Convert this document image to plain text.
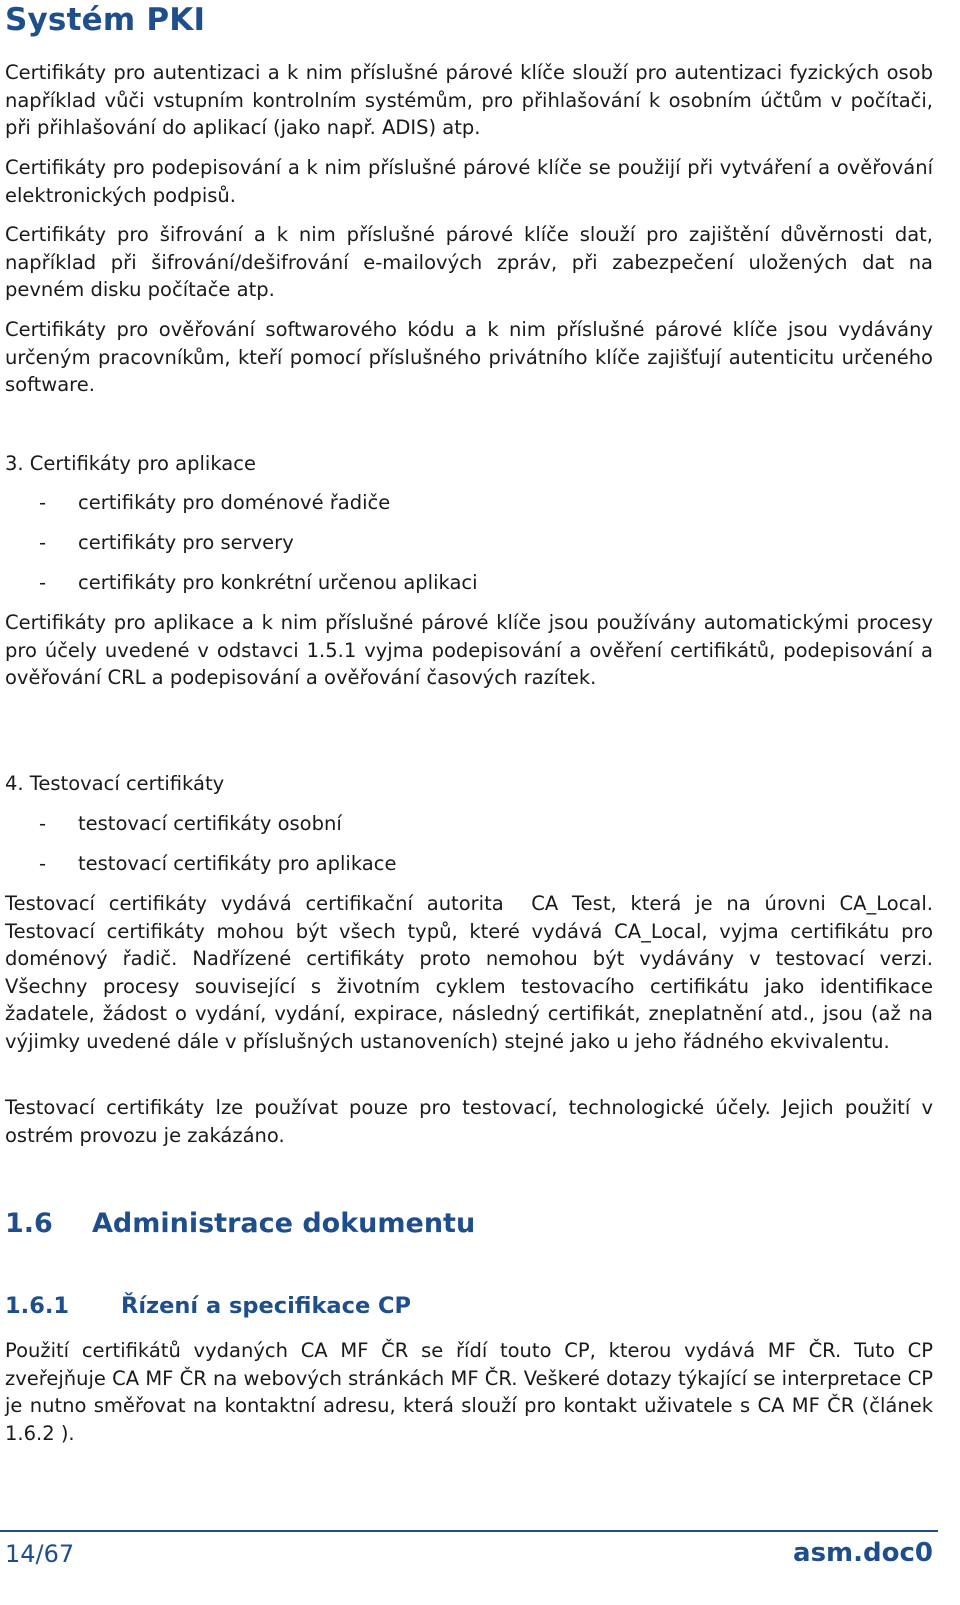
Systém PKI

Certifikáty pro autentizaci a k nim příslušné párové klíče slouží pro autentizaci fyzických osob například vůči vstupním kontrolním systémům, pro přihlašování k osobním účtům v počítači, při přihlašování do aplikací (jako např. ADIS) atp.

Certifikáty pro podepisování a k nim příslušné párové klíče se použijí při vytváření a ověřování elektronických podpisů.

Certifikáty pro šifrování a k nim příslušné párové klíče slouží pro zajištění důvěrnosti dat, například při šifrování/dešifrování e-mailových zpráv, při zabezpečení uložených dat na pevném disku počítače atp.

Certifikáty pro ověřování softwarového kódu a k nim příslušné párové klíče jsou vydávány určeným pracovníkům, kteří pomocí příslušného privátního klíče zajišťují autenticitu určeného software.

3. Certifikáty pro aplikace

-	certifikáty pro doménové řadiče
-	certifikáty pro servery
-	certifikáty pro konkrétní určenou aplikaci

Certifikáty pro aplikace a k nim příslušné párové klíče jsou používány automatickými procesy pro účely uvedené v odstavci 1.5.1 vyjma podepisování a ověření certifikátů, podepisování a ověřování CRL a podepisování a ověřování časových razítek.

4. Testovací certifikáty

-	testovací certifikáty osobní
-	testovací certifikáty pro aplikace

Testovací certifikáty vydává certifikační autorita  CA Test, která je na úrovni CA_Local. Testovací certifikáty mohou být všech typů, které vydává CA_Local, vyjma certifikátu pro doménový řadič. Nadřízené certifikáty proto nemohou být vydávány v testovací verzi. Všechny procesy související s životním cyklem testovacího certifikátu jako identifikace žadatele, žádost o vydání, vydání, expirace, následný certifikát, zneplatnění atd., jsou (až na výjimky uvedené dále v příslušných ustanoveních) stejné jako u jeho řádného ekvivalentu.

Testovací certifikáty lze používat pouze pro testovací, technologické účely. Jejich použití v ostrém provozu je zakázáno.

1.6	Administrace dokumentu
1.6.1	Řízení a specifikace CP

Použití certifikátů vydaných CA MF ČR se řídí touto CP, kterou vydává MF ČR. Tuto CP zveřejňuje CA MF ČR na webových stránkách MF ČR. Veškeré dotazy týkající se interpretace CP je nutno směřovat na kontaktní adresu, která slouží pro kontakt uživatele s CA MF ČR (článek 1.6.2 ).

14/67	asm.doc0
